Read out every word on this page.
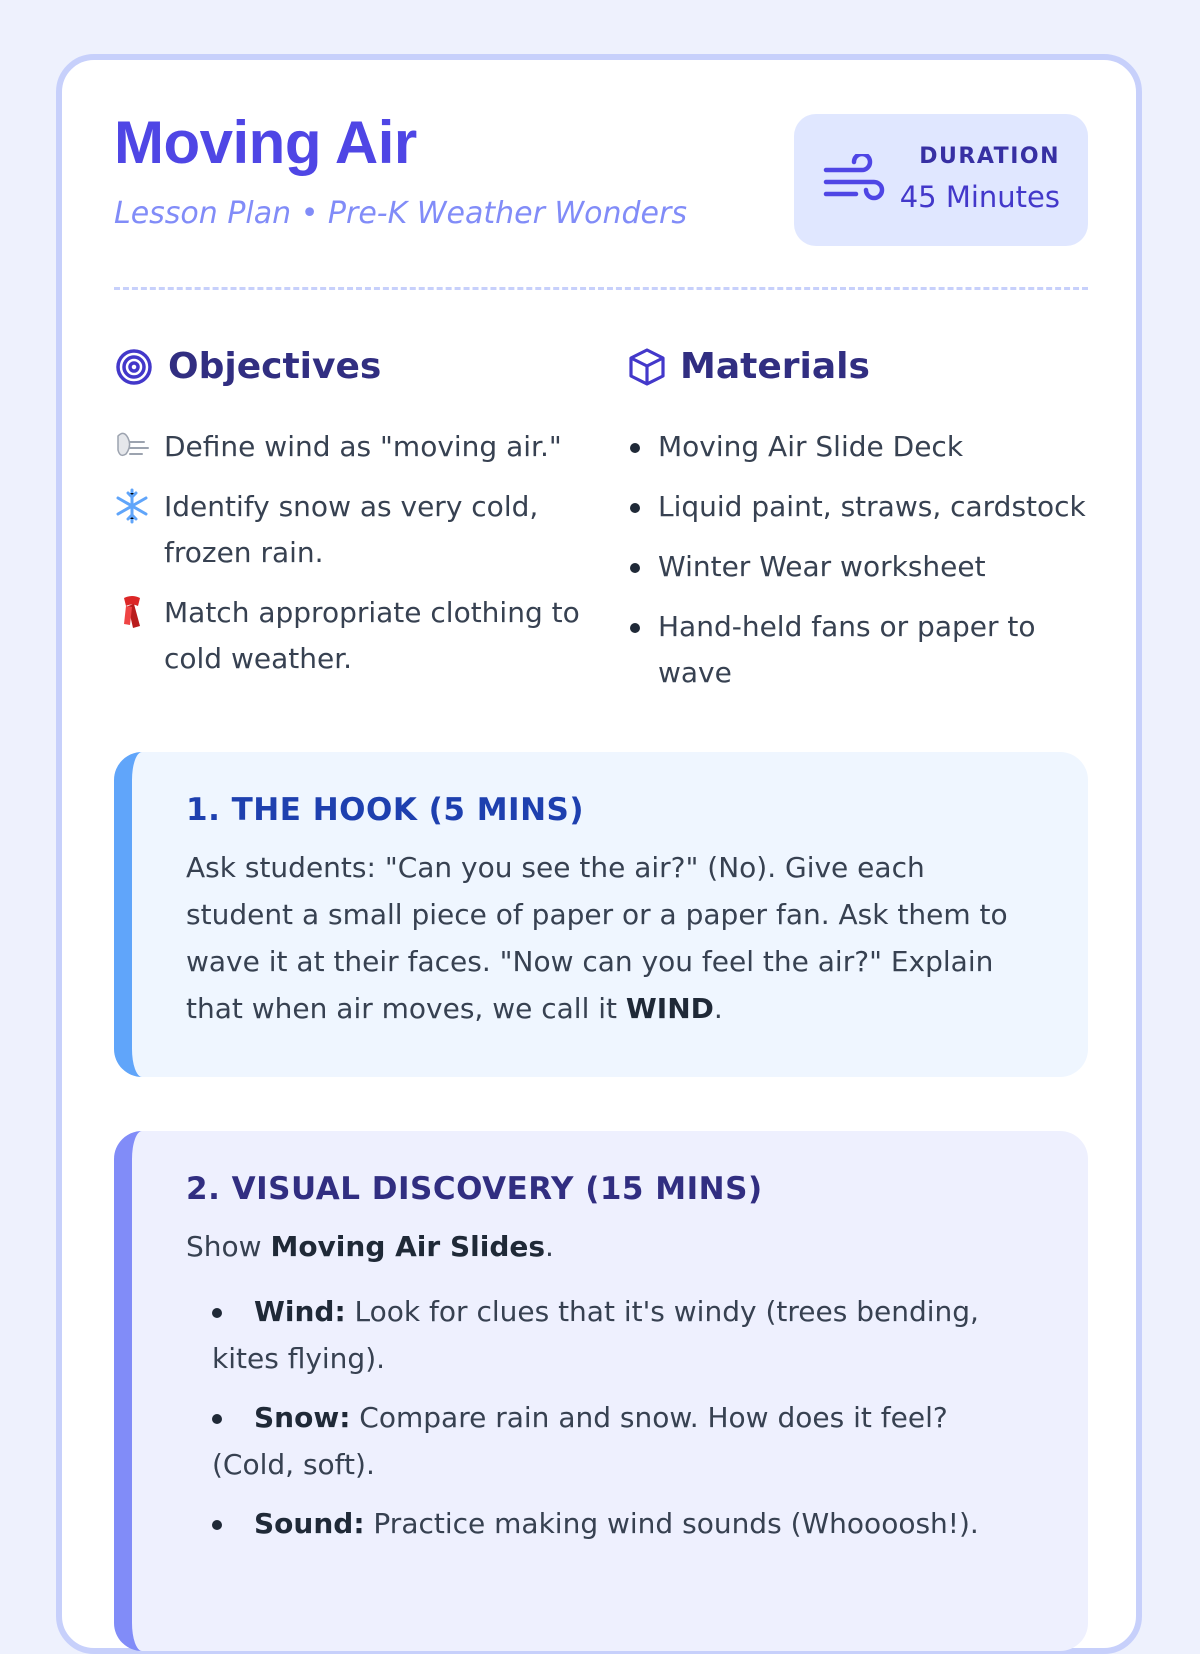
Moving Air
Lesson Plan • Pre-K Weather Wonders
DURATION
45 Minutes
Objectives
Define wind as "moving air."
Identify snow as very cold, frozen rain.
Match appropriate clothing to cold weather.
Materials
Moving Air Slide Deck
Liquid paint, straws, cardstock
Winter Wear worksheet
Hand-held fans or paper to wave
1. THE HOOK (5 MINS)

Ask students: "Can you see the air?" (No). Give each student a small piece of paper or a paper fan. Ask them to wave it at their faces. "Now can you feel the air?" Explain that when air moves, we call it WIND.

2. VISUAL DISCOVERY (15 MINS)

Show Moving Air Slides.

Wind: Look for clues that it's windy (trees bending, kites flying).
Snow: Compare rain and snow. How does it feel? (Cold, soft).
Sound: Practice making wind sounds (Whoooosh!).
